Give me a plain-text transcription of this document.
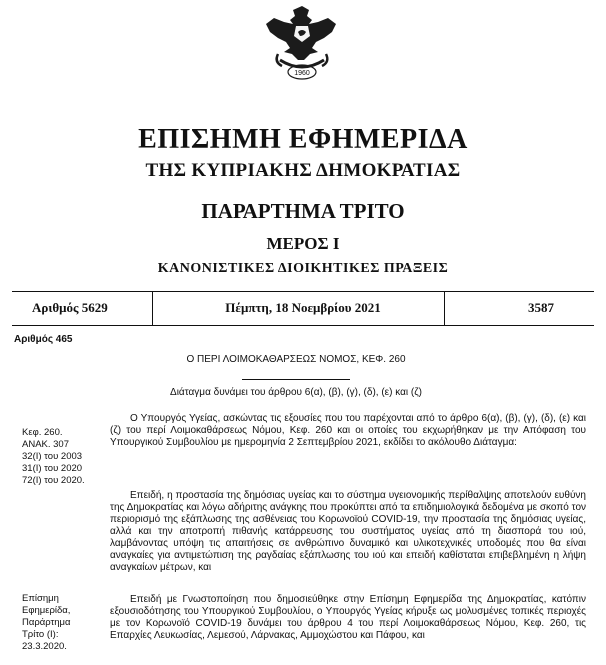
1960
ΕΠΙΣΗΜΗ ΕΦΗΜΕΡΙΔΑ
ΤΗΣ ΚΥΠΡΙΑΚΗΣ ΔΗΜΟΚΡΑΤΙΑΣ
ΠΑΡΑΡΤΗΜΑ ΤΡΙΤΟ
ΜΕΡΟΣ Ι
ΚΑΝΟΝΙΣΤΙΚΕΣ ΔΙΟΙΚΗΤΙΚΕΣ ΠΡΑΞΕΙΣ
Αριθμός 5629	Πέμπτη, 18 Νοεμβρίου 2021	3587
Αριθμός 465
Ο ΠΕΡΙ ΛΟΙΜΟΚΑΘΑΡΣΕΩΣ ΝΟΜΟΣ, ΚΕΦ. 260
Διάταγμα δυνάμει του άρθρου 6(α), (β), (γ), (δ), (ε) και (ζ)
Κεφ. 260.
ΑΝΑΚ. 307
32(I) του 2003
31(I) του 2020
72(I) του 2020.
Επίσημη
Εφημερίδα,
Παράρτημα
Τρίτο (Ι):
23.3.2020.
Ο Υπουργός Υγείας, ασκώντας τις εξουσίες που του παρέχονται από το άρθρο 6(α), (β), (γ), (δ), (ε) και (ζ) του περί Λοιμοκαθάρσεως Νόμου, Κεφ. 260 και οι οποίες του εκχωρήθηκαν με την Απόφαση του Υπουργικού Συμβουλίου με ημερομηνία 2 Σεπτεμβρίου 2021, εκδίδει το ακόλουθο Διάταγμα:
Επειδή, η προστασία της δημόσιας υγείας και το σύστημα υγειονομικής περίθαλψης αποτελούν ευθύνη της Δημοκρατίας και λόγω αδήριτης ανάγκης που προκύπτει από τα επιδημιολογικά δεδομένα με σκοπό τον περιορισμό της εξάπλωσης της ασθένειας του Κορωνοϊού COVID-19, την προστασία της δημόσιας υγείας, αλλά και την αποτροπή πιθανής κατάρρευσης του συστήματος υγείας από τη διασπορά του ιού, λαμβάνοντας υπόψη τις απαιτήσεις σε ανθρώπινο δυναμικό και υλικοτεχνικές υποδομές που θα είναι αναγκαίες για αντιμετώπιση της ραγδαίας εξάπλωσης του ιού και επειδή καθίσταται επιβεβλημένη η λήψη αναγκαίων μέτρων, και
Επειδή με Γνωστοποίηση που δημοσιεύθηκε στην Επίσημη Εφημερίδα της Δημοκρατίας, κατόπιν εξουσιοδότησης του Υπουργικού Συμβουλίου, ο Υπουργός Υγείας κήρυξε ως μολυσμένες τοπικές περιοχές με τον Κορωνοϊό COVID-19 δυνάμει του άρθρου 4 του περί Λοιμοκαθάρσεως Νόμου, Κεφ. 260, τις Επαρχίες Λευκωσίας, Λεμεσού, Λάρνακας, Αμμοχώστου και Πάφου, και
